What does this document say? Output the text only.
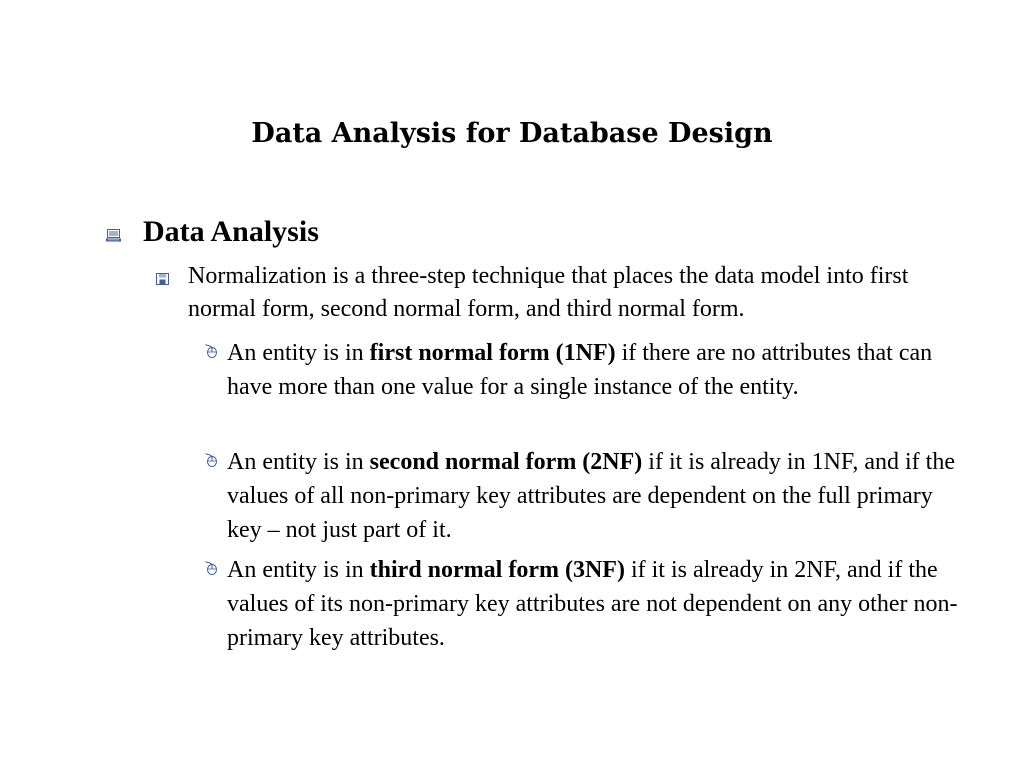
Data Analysis for Database Design
Data Analysis
Normalization is a three-step technique that places the data model into first normal form, second normal form, and third normal form.
An entity is in first normal form (1NF) if there are no attributes that can have more than one value for a single instance of the entity.
An entity is in second normal form (2NF) if it is already in 1NF, and if the values of all non-primary key attributes are dependent on the full primary key – not just part of it.
An entity is in third normal form (3NF) if it is already in 2NF, and if the values of its non-primary key attributes are not dependent on any other non-primary key attributes.
